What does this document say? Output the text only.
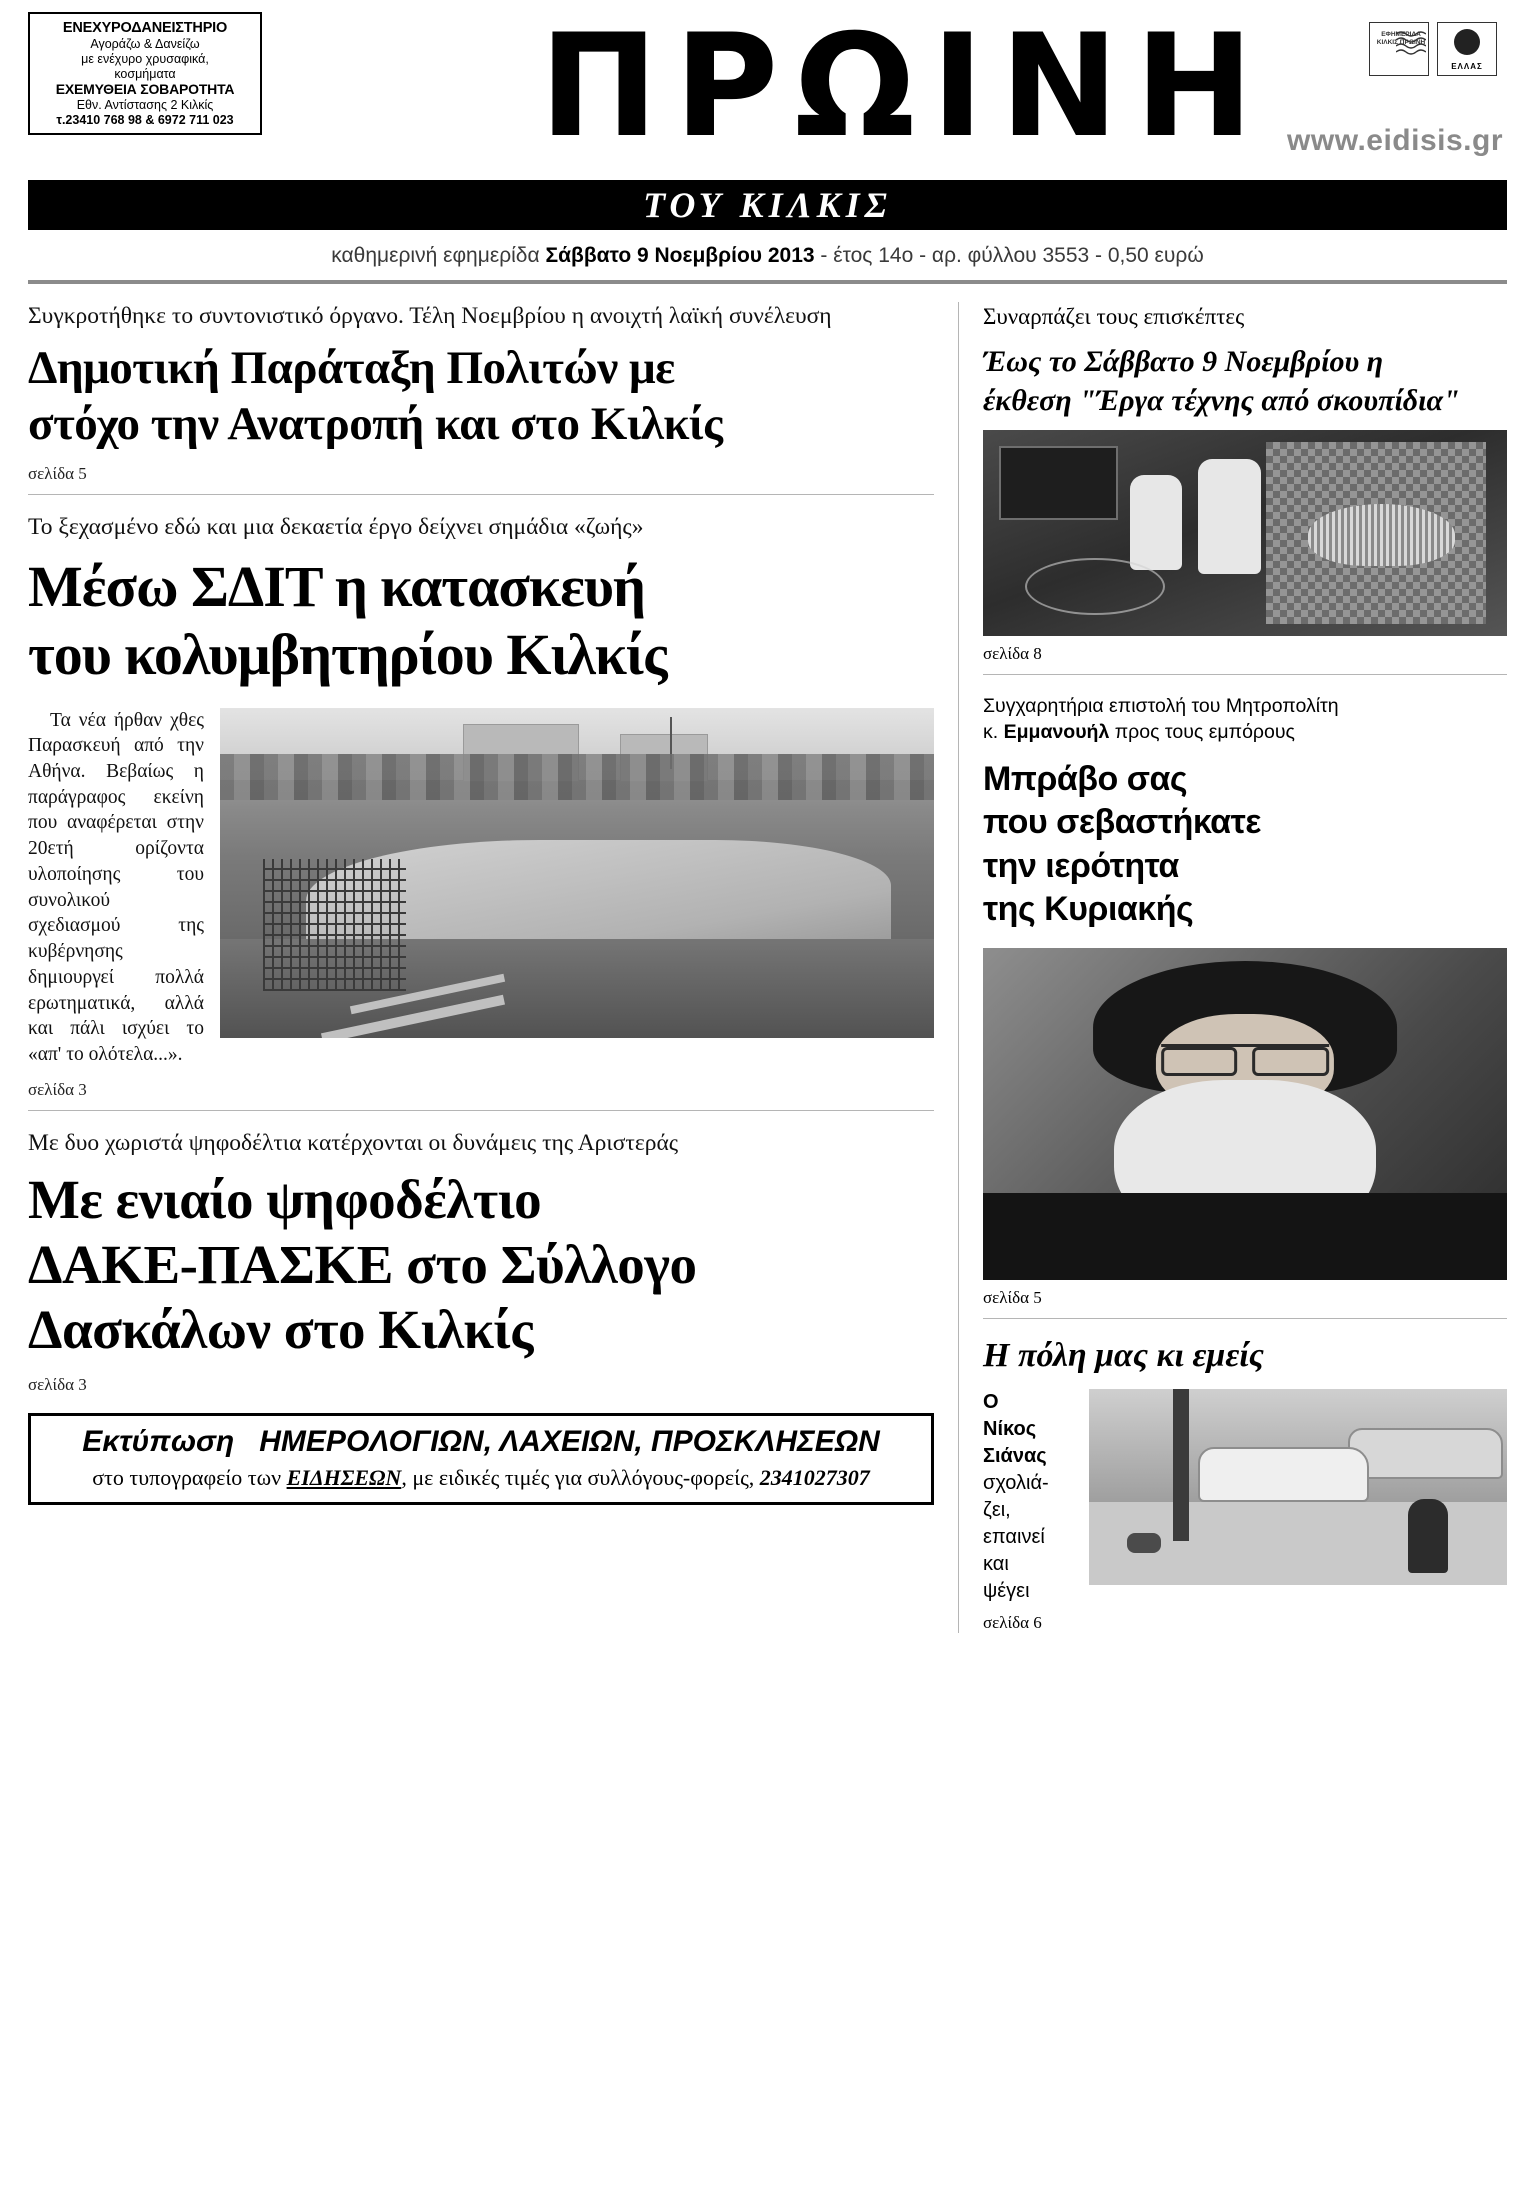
ΕΝΕΧΥΡΟΔΑΝΕΙΣΤΗΡΙΟ
Αγοράζω & Δανείζω
με ενέχυρο χρυσαφικά,
κοσμήματα
ΕΧΕΜΥΘΕΙΑ ΣΟΒΑΡΟΤΗΤΑ
Εθν. Αντίστασης 2 Κιλκίς
τ.23410 768 98 & 6972 711 023	ΠΡΩΙΝΗ www.eidisis.gr
ΕΦΗΜΕΡΙΔΑ ΚΙΛΚΙΣ ΠΡΩΙΝΗ
ΕΛΛΑΣ
ΤΟΥ ΚΙΛΚΙΣ
καθημερινή εφημερίδα Σάββατο 9 Νοεμβρίου 2013 - έτος 14ο - αρ. φύλλου 3553 - 0,50 ευρώ

Συγκροτήθηκε το συντονιστικό όργανο. Τέλη Νοεμβρίου η ανοιχτή λαϊκή συνέλευση

Δημοτική Παράταξη Πολιτών με
στόχο την Ανατροπή και στο Κιλκίς
σελίδα 5

Το ξεχασμένο εδώ και μια δεκαετία έργο δείχνει σημάδια «ζωής»

Μέσω ΣΔΙΤ η κατασκευή
του κολυμβητηρίου Κιλκίς

Τα νέα ήρθαν χθες Παρασκευή από την Αθήνα. Βεβαίως η παράγραφος εκείνη που αναφέρεται στην 20ετή ορίζοντα υλοποίησης του συνολικού σχεδιασμού της κυβέρνησης δημιουργεί πολλά ερωτηματικά, αλλά και πάλι ισχύει το «απ' το ολότελα...».

σελίδα 3

Με δυο χωριστά ψηφοδέλτια κατέρχονται οι δυνάμεις της Αριστεράς

Με ενιαίο ψηφοδέλτιο
ΔΑΚΕ-ΠΑΣΚΕ στο Σύλλογο
Δασκάλων στο Κιλκίς
σελίδα 3
Εκτύπωση ΗΜΕΡΟΛΟΓΙΩΝ, ΛΑΧΕΙΩΝ, ΠΡΟΣΚΛΗΣΕΩΝ
στο τυπογραφείο των ΕΙΔΗΣΕΩΝ, με ειδικές τιμές για συλλόγους-φορείς, 2341027307

Συναρπάζει τους επισκέπτες

Έως το Σάββατο 9 Νοεμβρίου η
έκθεση "Έργα τέχνης από σκουπίδια"
σελίδα 8

Συγχαρητήρια επιστολή του Μητροπολίτη
κ. Εμμανουήλ προς τους εμπόρους

Μπράβο σας
που σεβαστήκατε
την ιερότητα
της Κυριακής
σελίδα 5
Η πόλη μας κι εμείς
Ο
Νίκος
Σιάνας
σχολιά-
ζει,
επαινεί
και
ψέγει
σελίδα 6
